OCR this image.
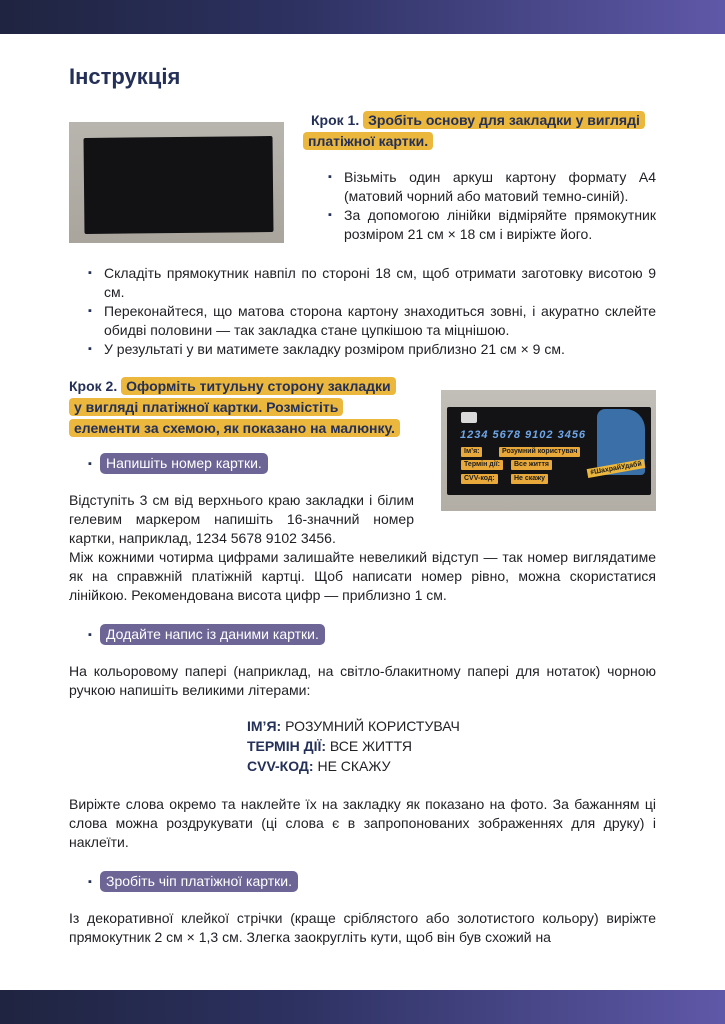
Інструкція
Крок 1. Зробіть основу для закладки у вигляді
платіжної картки.
▪ Візьміть один аркуш картону формату А4 (матовий чорний або матовий темно-синій).
▪ За допомогою лінійки відміряйте прямокутник розміром 21 см × 18 см і виріжте його.
▪ Складіть прямокутник навпіл по стороні 18 см, щоб отримати заготовку висотою 9 см.
▪ Переконайтеся, що матова сторона картону знаходиться зовні, і акуратно склейте обидві половини — так закладка стане цупкішою та міцнішою.
▪ У результаті у ви матимете закладку розміром приблизно 21 см × 9 см.
Крок 2. Оформіть титульну сторону закладки
у вигляді платіжної картки. Розмістіть
елементи за схемою, як показано на малюнку.	1234 5678 9102 3456
Ім’я:	Розумний користувач
Термін дії:	Все життя
CVV-код:	Не скажу
#ШахрайУдабй
▪ Напишіть номер картки.
Відступіть 3 см від верхнього краю закладки і білим гелевим маркером напишіть 16-значний номер картки, наприклад, 1234 5678 9102 3456.
Між кожними чотирма цифрами залишайте невеликий відступ — так номер виглядатиме як на справжній платіжній картці. Щоб написати номер рівно, можна скористатися лінійкою. Рекомендована висота цифр — приблизно 1 см.
▪ Додайте напис із даними картки.
На кольоровому папері (наприклад, на світло-блакитному папері для нотаток) чорною ручкою напишіть великими літерами:
ІМ’Я: РОЗУМНИЙ КОРИСТУВАЧ
ТЕРМІН ДІЇ: ВСЕ ЖИТТЯ
CVV-КОД: НЕ СКАЖУ
Виріжте слова окремо та наклейте їх на закладку як показано на фото. За бажанням ці слова можна роздрукувати (ці слова є в запропонованих зображеннях для друку) і наклеїти.
▪ Зробіть чіп платіжної картки.
Із декоративної клейкої стрічки (краще сріблястого або золотистого кольору) виріжте прямокутник 2 см × 1,3 см. Злегка заокругліть кути, щоб він був схожий на
